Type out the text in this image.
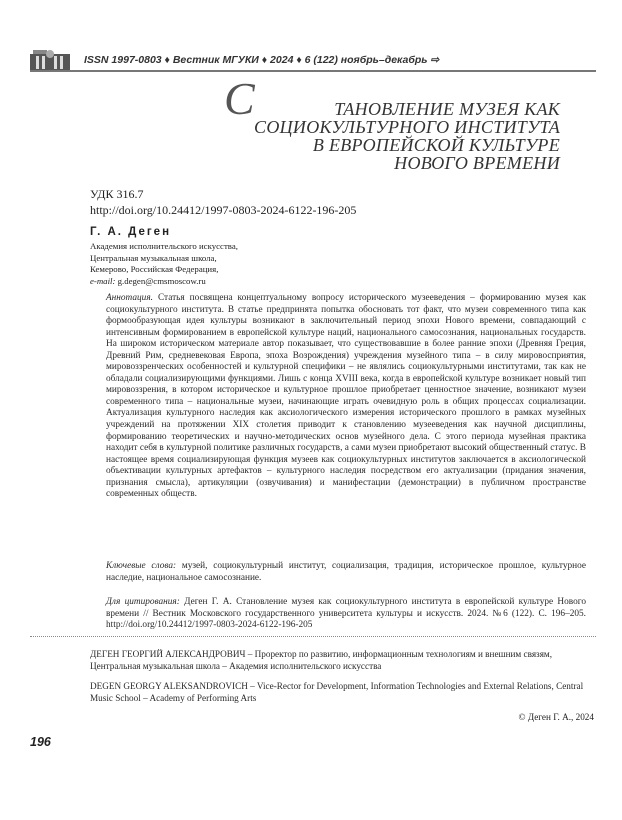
ISSN 1997-0803 ♦ Вестник МГУКИ ♦ 2024 ♦ 6 (122) ноябрь–декабрь ⇨
С	ТАНОВЛЕНИЕ МУЗЕЯ КАК
СОЦИОКУЛЬТУРНОГО ИНСТИТУТА
В ЕВРОПЕЙСКОЙ КУЛЬТУРЕ
НОВОГО ВРЕМЕНИ
УДК 316.7
http://doi.org/10.24412/1997-0803-2024-6122-196-205
Г. А. Деген
Академия исполнительского искусства,
Центральная музыкальная школа,
Кемерово, Российская Федерация,
e-mail: g.degen@cmsmoscow.ru
Аннотация. Статья посвящена концептуальному вопросу исторического музееведения – формированию музея как социокультурного института. В статье предпринята попытка обосновать тот факт, что музеи современного типа как формообразующая идея культуры возникают в заключительный период эпохи Нового времени, совпадающий с интенсивным формированием в европейской культуре наций, национального самосознания, национальных государств. На широком историческом материале автор показывает, что существовавшие в более ранние эпохи (Древняя Греция, Древний Рим, средневековая Европа, эпоха Возрождения) учреждения музейного типа – в силу мировосприятия, мировоззренческих особенностей и культурной специфики – не являлись социокультурными институтами, так как не обладали социализирующими функциями. Лишь с конца XVIII века, когда в европейской культуре возникает новый тип мировоззрения, в котором историческое и культурное прошлое приобретает ценностное значение, возникают музеи современного типа – национальные музеи, начинающие играть очевидную роль в общих процессах социализации. Актуализация культурного наследия как аксиологического измерения исторического прошлого в рамках музейных учреждений на протяжении XIX столетия приводит к становлению музееведения как научной дисциплины, формированию теоретических и научно-методических основ музейного дела. С этого периода музейная практика находит себя в культурной политике различных государств, а сами музеи приобретают высокий общественный статус. В настоящее время социализирующая функция музеев как социокультурных институтов заключается в аксиологической объективации культурных артефактов – культурного наследия посредством его актуализации (придания значения, признания смысла), артикуляции (озвучивания) и манифестации (демонстрации) в публичном пространстве современных обществ.
Ключевые слова: музей, социокультурный институт, социализация, традиция, историческое прошлое, культурное наследие, национальное самосознание.
Для цитирования: Деген Г. А. Становление музея как социокультурного института в европейской культуре Нового времени // Вестник Московского государственного университета культуры и искусств. 2024. №6 (122). С. 196–205. http://doi.org/10.24412/1997-0803-2024-6122-196-205
ДЕГЕН ГЕОРГИЙ АЛЕКСАНДРОВИЧ – Проректор по развитию, информационным технологиям и внешним связям, Центральная музыкальная школа – Академия исполнительского искусства
DEGEN GEORGY ALEKSANDROVICH – Vice-Rector for Development, Information Technologies and External Relations, Central Music School – Academy of Performing Arts
© Деген Г. А., 2024
196
